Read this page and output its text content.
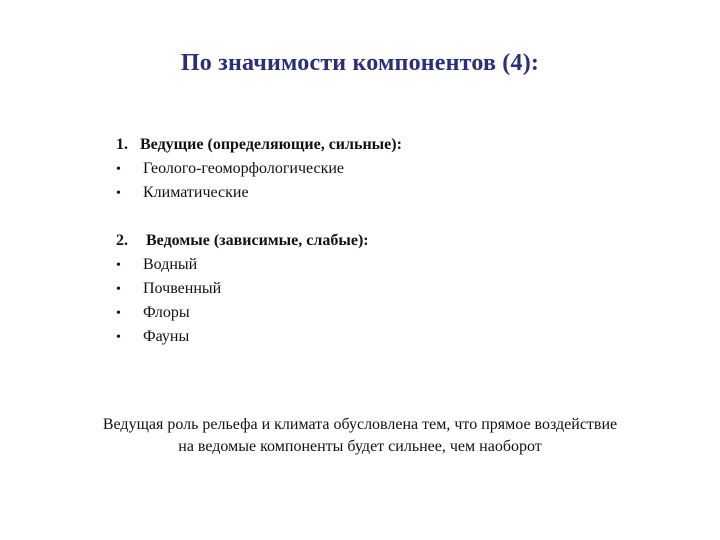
По значимости компонентов (4):
1. Ведущие (определяющие, сильные):
•	Геолого-геоморфологические
•	Климатические
2.	Ведомые (зависимые, слабые):
•	Водный
•	Почвенный
•	Флоры
•	Фауны
Ведущая роль рельефа и климата обусловлена тем, что прямое воздействие
на ведомые компоненты будет сильнее, чем наоборот
